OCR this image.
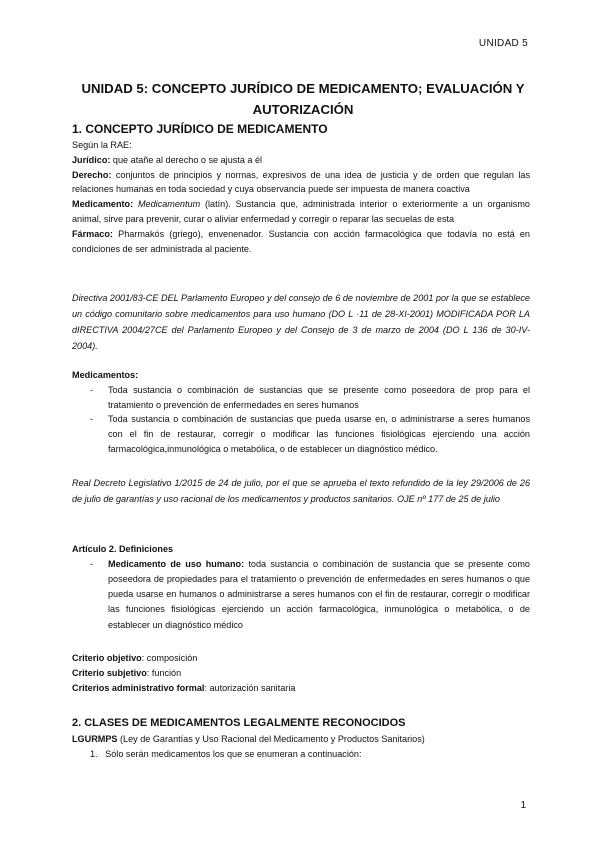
UNIDAD 5
UNIDAD 5: CONCEPTO JURÍDICO DE MEDICAMENTO; EVALUACIÓN Y
AUTORIZACIÓN
1. CONCEPTO JURÍDICO DE MEDICAMENTO

Según la RAE:

Jurídico: que atañe al derecho o se ajusta a él

Derecho: conjuntos de principios y normas, expresivos de una idea de justicia y de orden que regulan las relaciones humanas en toda sociedad y cuya observancia puede ser impuesta de manera coactiva

Medicamento: Medicamentum (latín). Sustancia que, administrada interior o exteriormente a un organismo animal, sirve para prevenir, curar o aliviar enfermedad y corregir o reparar las secuelas de esta

Fármaco: Pharmakós (griego), envenenador. Sustancia con acción farmacológica que todavía no está en condiciones de ser administrada al paciente.

Directiva 2001/83-CE DEL Parlamento Europeo y del consejo de 6 de noviembre de 2001 por la que se establece un código comunitario sobre medicamentos para uso humano (DO L ·11 de 28-XI-2001) MODIFICADA POR LA dIRECTIVA 2004/27CE del Parlamento Europeo y del Consejo de 3 de marzo de 2004 (DO L 136 de 30-IV-2004).

Medicamentos:

- Toda sustancia o combinación de sustancias que se presente como poseedora de prop para el tratamiento o prevención de enfermedades en seres humanos
- Toda sustancia o combinación de sustancias que pueda usarse en, o administrarse a seres humanos con el fin de restaurar, corregir o modificar las funciones fisiológicas ejerciendo una acción farmacológica,inmunológica o metabólica, o de establecer un diagnóstico médico.
Real Decreto Legislativo 1/2015 de 24 de julio, por el que se aprueba el texto refundido de la ley 29/2006 de 26 de julio de garantías y uso racional de los medicamentos y productos sanitarios. OJE nº 177 de 25 de julio

Artículo 2. Definiciones

- Medicamento de uso humano: toda sustancia o combinación de sustancia que se presente como poseedora de propiedades para el tratamiento o prevención de enfermedades en seres humanos o que pueda usarse en humanos o administrarse a seres humanos con el fin de restaurar, corregir o modificar las funciones fisiológicas ejerciendo un acción farmacológica, inmunológica o metabólica, o de establecer un diagnóstico médico

Criterio objetivo: composición

Criterio subjetivo: función

Criterios administrativo formal: autorización sanitaria

2. CLASES DE MEDICAMENTOS LEGALMENTE RECONOCIDOS

LGURMPS (Ley de Garantías y Uso Racional del Medicamento y Productos Sanitarios)

1. Sólo serán medicamentos los que se enumeran a continuación:

1
